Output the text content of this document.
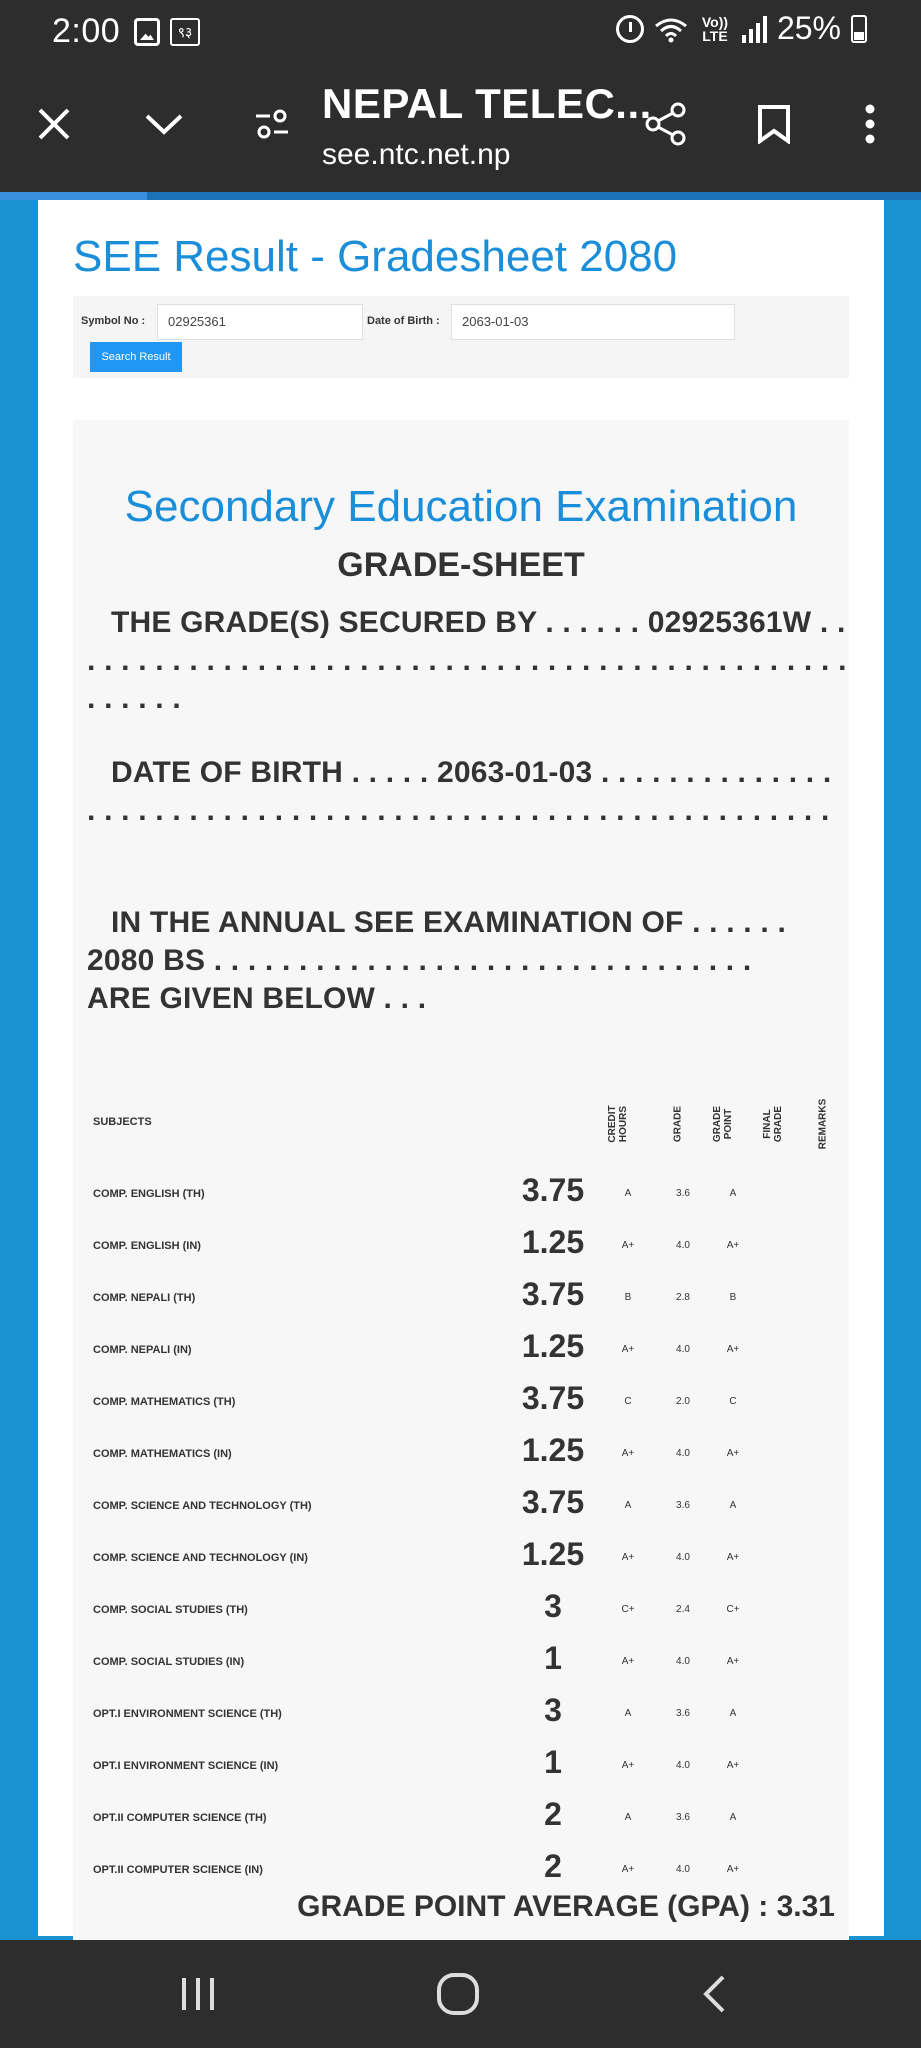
2:00	९३
Vo)) LTE 25%
NEPAL TELEC...
see.ntc.net.np
SEE Result - Gradesheet 2080
Symbol No :	02925361	Date of Birth :	2063-01-03
Search Result
Secondary Education Examination
GRADE-SHEET
THE GRADE(S) SECURED BY . . . . . . 02925361W . . . . . . . . . . . . . . . . . . . . . . . . . . . . . . . . . . . . . . . . . . . . . . . . . . . . .
DATE OF BIRTH . . . . . 2063-01-03 . . . . . . . . . . . . . . . . . . . . . . . . . . . . . . . . . . . . . . . . . . . . . . . . . . . . . . . . . .
IN THE ANNUAL SEE EXAMINATION OF . . . . . .
2080 BS . . . . . . . . . . . . . . . . . . . . . . . . . . . . . . . .
ARE GIVEN BELOW . . .
SUBJECTS	CREDIT HOURS	GRADE	GRADE POINT	FINAL GRADE	REMARKS
COMP. ENGLISH (TH)	3.75	A	3.6	A
COMP. ENGLISH (IN)	1.25	A+	4.0	A+
COMP. NEPALI (TH)	3.75	B	2.8	B
COMP. NEPALI (IN)	1.25	A+	4.0	A+
COMP. MATHEMATICS (TH)	3.75	C	2.0	C
COMP. MATHEMATICS (IN)	1.25	A+	4.0	A+
COMP. SCIENCE AND TECHNOLOGY (TH)	3.75	A	3.6	A
COMP. SCIENCE AND TECHNOLOGY (IN)	1.25	A+	4.0	A+
COMP. SOCIAL STUDIES (TH)	3	C+	2.4	C+
COMP. SOCIAL STUDIES (IN)	1	A+	4.0	A+
OPT.I ENVIRONMENT SCIENCE (TH)	3	A	3.6	A
OPT.I ENVIRONMENT SCIENCE (IN)	1	A+	4.0	A+
OPT.II COMPUTER SCIENCE (TH)	2	A	3.6	A
OPT.II COMPUTER SCIENCE (IN)	2	A+	4.0	A+
GRADE POINT AVERAGE (GPA) : 3.31
